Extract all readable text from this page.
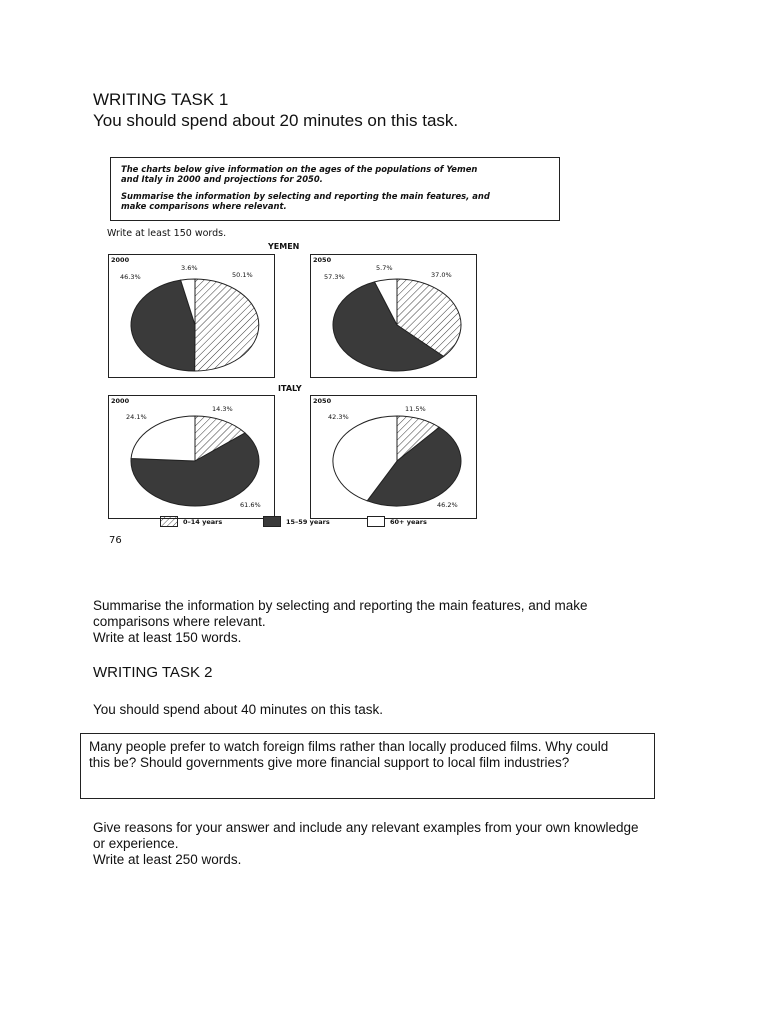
WRITING TASK 1
You should spend about 20 minutes on this task.

The charts below give information on the ages of the populations of Yemen

and Italy in 2000 and projections for 2050.

Summarise the information by selecting and reporting the main features, and

make comparisons where relevant.

Write at least 150 words.
YEMEN
ITALY
2000
46.3%
3.6%
50.1%
2050
57.3%
5.7%
37.0%
2000
24.1%
14.3%
61.6%
2050
42.3%
11.5%
46.2%
0–14 years	15–59 years	60+ years
76
Summarise the information by selecting and reporting the main features, and make
comparisons where relevant.
Write at least 150 words.
WRITING TASK 2
You should spend about 40 minutes on this task.
Many people prefer to watch foreign films rather than locally produced films. Why could
this be? Should governments give more financial support to local film industries?
Give reasons for your answer and include any relevant examples from your own knowledge
or experience.
Write at least 250 words.
